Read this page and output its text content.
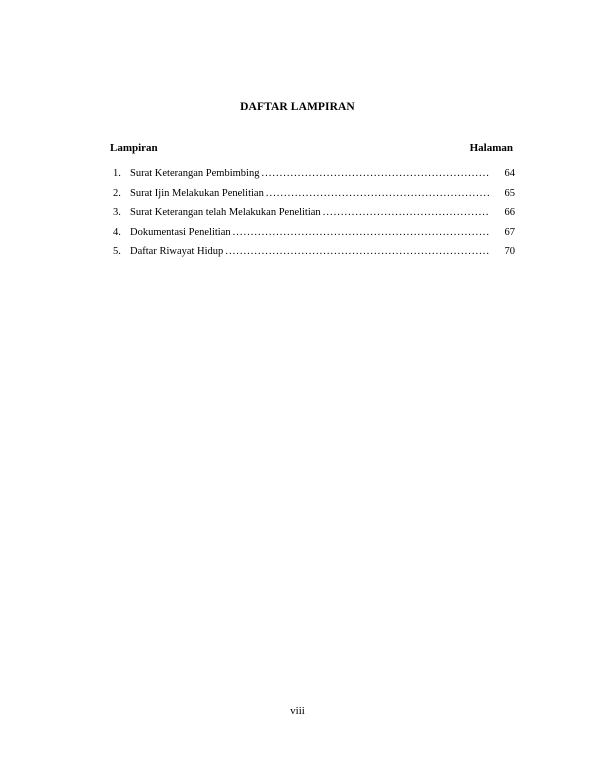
DAFTAR LAMPIRAN
Lampiran	Halaman
1. Surat Keterangan Pembimbing .....	64
2. Surat Ijin Melakukan Penelitian .....	65
3. Surat Keterangan telah Melakukan Penelitian .....	66
4. Dokumentasi Penelitian .....	67
5. Daftar Riwayat Hidup .....	70
viii
